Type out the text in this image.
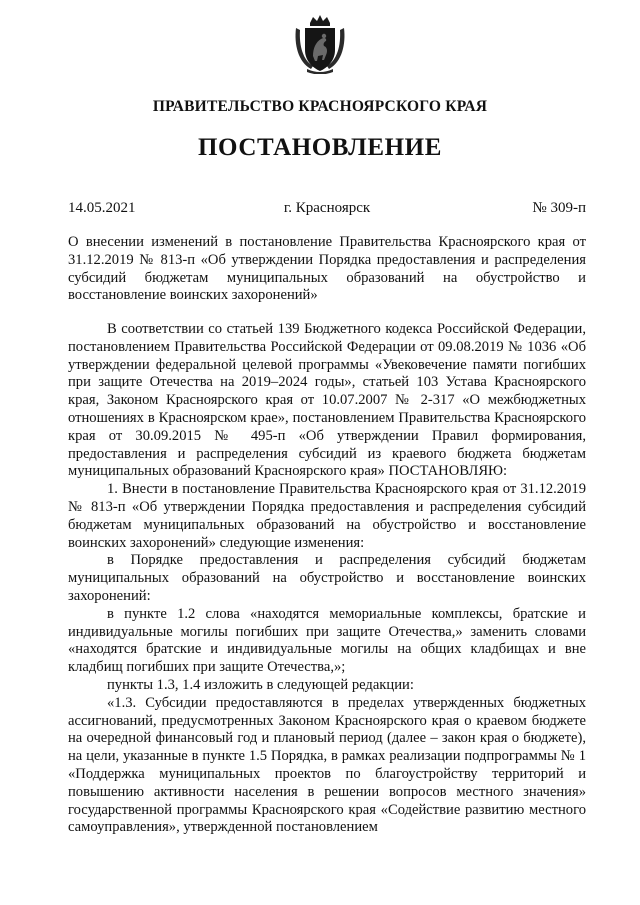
ПРАВИТЕЛЬСТВО КРАСНОЯРСКОГО КРАЯ
ПОСТАНОВЛЕНИЕ
г. Красноярск
14.05.2021	№ 309-п

О внесении изменений в постановление Правительства Красноярского края от 31.12.2019 № 813-п «Об утверждении Порядка предоставления и распределения субсидий бюджетам муниципальных образований на обустройство и восстановление воинских захоронений»

В соответствии со статьей 139 Бюджетного кодекса Российской Федерации, постановлением Правительства Российской Федерации от 09.08.2019 № 1036 «Об утверждении федеральной целевой программы «Увековечение памяти погибших при защите Отечества на 2019–2024 годы», статьей 103 Устава Красноярского края, Законом Красноярского края от 10.07.2007 № 2-317 «О межбюджетных отношениях в Красноярском крае», постановлением Правительства Красноярского края от 30.09.2015 № 495-п «Об утверждении Правил формирования, предоставления и распределения субсидий из краевого бюджета бюджетам муниципальных образований Красноярского края» ПОСТАНОВЛЯЮ:

1. Внести в постановление Правительства Красноярского края от 31.12.2019 № 813-п «Об утверждении Порядка предоставления и распределения субсидий бюджетам муниципальных образований на обустройство и восстановление воинских захоронений» следующие изменения:

в Порядке предоставления и распределения субсидий бюджетам муниципальных образований на обустройство и восстановление воинских захоронений:

в пункте 1.2 слова «находятся мемориальные комплексы, братские и индивидуальные могилы погибших при защите Отечества,» заменить словами «находятся братские и индивидуальные могилы на общих кладбищах и вне кладбищ погибших при защите Отечества,»;

пункты 1.3, 1.4 изложить в следующей редакции:

«1.3. Субсидии предоставляются в пределах утвержденных бюджетных ассигнований, предусмотренных Законом Красноярского края о краевом бюджете на очередной финансовый год и плановый период (далее – закон края о бюджете), на цели, указанные в пункте 1.5 Порядка, в рамках реализации подпрограммы № 1 «Поддержка муниципальных проектов по благоустройству территорий и повышению активности населения в решении вопросов местного значения» государственной программы Красноярского края «Содействие развитию местного самоуправления», утвержденной постановлением
